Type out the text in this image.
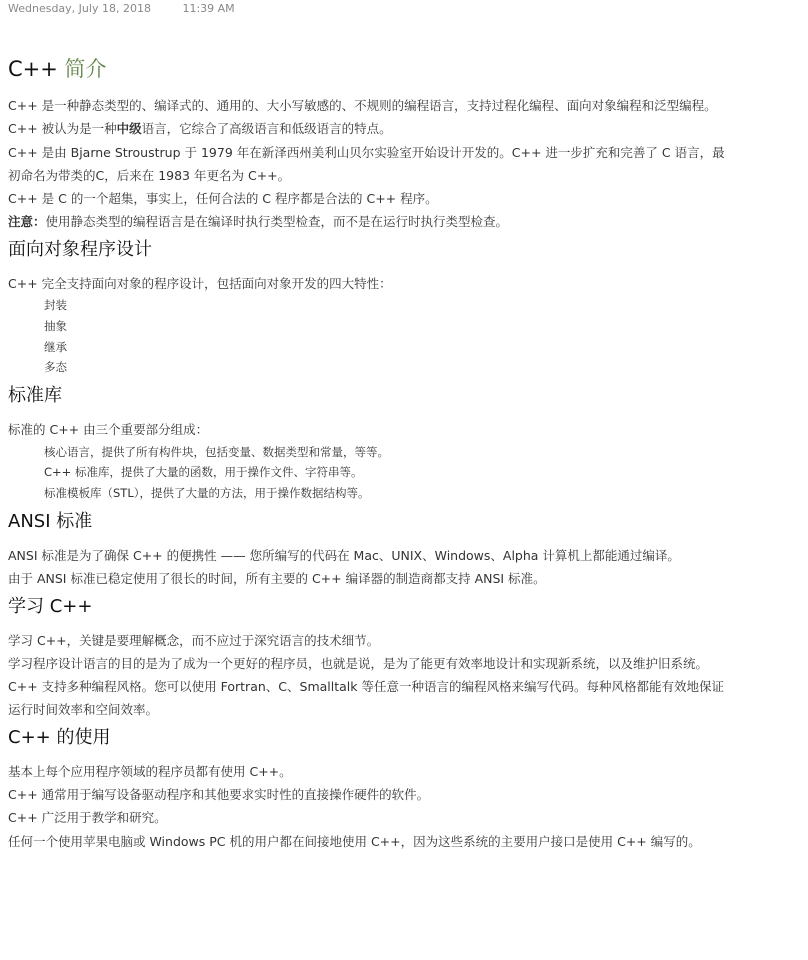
Wednesday, July 18, 2018	11:39 AM
C++ 简介

C++ 是一种静态类型的、编译式的、通用的、大小写敏感的、不规则的编程语言，支持过程化编程、面向对象编程和泛型编程。

C++ 被认为是一种中级语言，它综合了高级语言和低级语言的特点。

C++ 是由 Bjarne Stroustrup 于 1979 年在新泽西州美利山贝尔实验室开始设计开发的。C++ 进一步扩充和完善了 C 语言，最初命名为带类的C，后来在 1983 年更名为 C++。

C++ 是 C 的一个超集，事实上，任何合法的 C 程序都是合法的 C++ 程序。

注意：使用静态类型的编程语言是在编译时执行类型检查，而不是在运行时执行类型检查。

面向对象程序设计

C++ 完全支持面向对象的程序设计，包括面向对象开发的四大特性：

封装
抽象
继承
多态
标准库

标准的 C++ 由三个重要部分组成：

核心语言，提供了所有构件块，包括变量、数据类型和常量，等等。
C++ 标准库，提供了大量的函数，用于操作文件、字符串等。
标准模板库（STL），提供了大量的方法，用于操作数据结构等。
ANSI 标准

ANSI 标准是为了确保 C++ 的便携性 —— 您所编写的代码在 Mac、UNIX、Windows、Alpha 计算机上都能通过编译。

由于 ANSI 标准已稳定使用了很长的时间，所有主要的 C++ 编译器的制造商都支持 ANSI 标准。

学习 C++

学习 C++，关键是要理解概念，而不应过于深究语言的技术细节。

学习程序设计语言的目的是为了成为一个更好的程序员，也就是说，是为了能更有效率地设计和实现新系统，以及维护旧系统。

C++ 支持多种编程风格。您可以使用 Fortran、C、Smalltalk 等任意一种语言的编程风格来编写代码。每种风格都能有效地保证运行时间效率和空间效率。

C++ 的使用

基本上每个应用程序领域的程序员都有使用 C++。

C++ 通常用于编写设备驱动程序和其他要求实时性的直接操作硬件的软件。

C++ 广泛用于教学和研究。

任何一个使用苹果电脑或 Windows PC 机的用户都在间接地使用 C++，因为这些系统的主要用户接口是使用 C++ 编写的。
